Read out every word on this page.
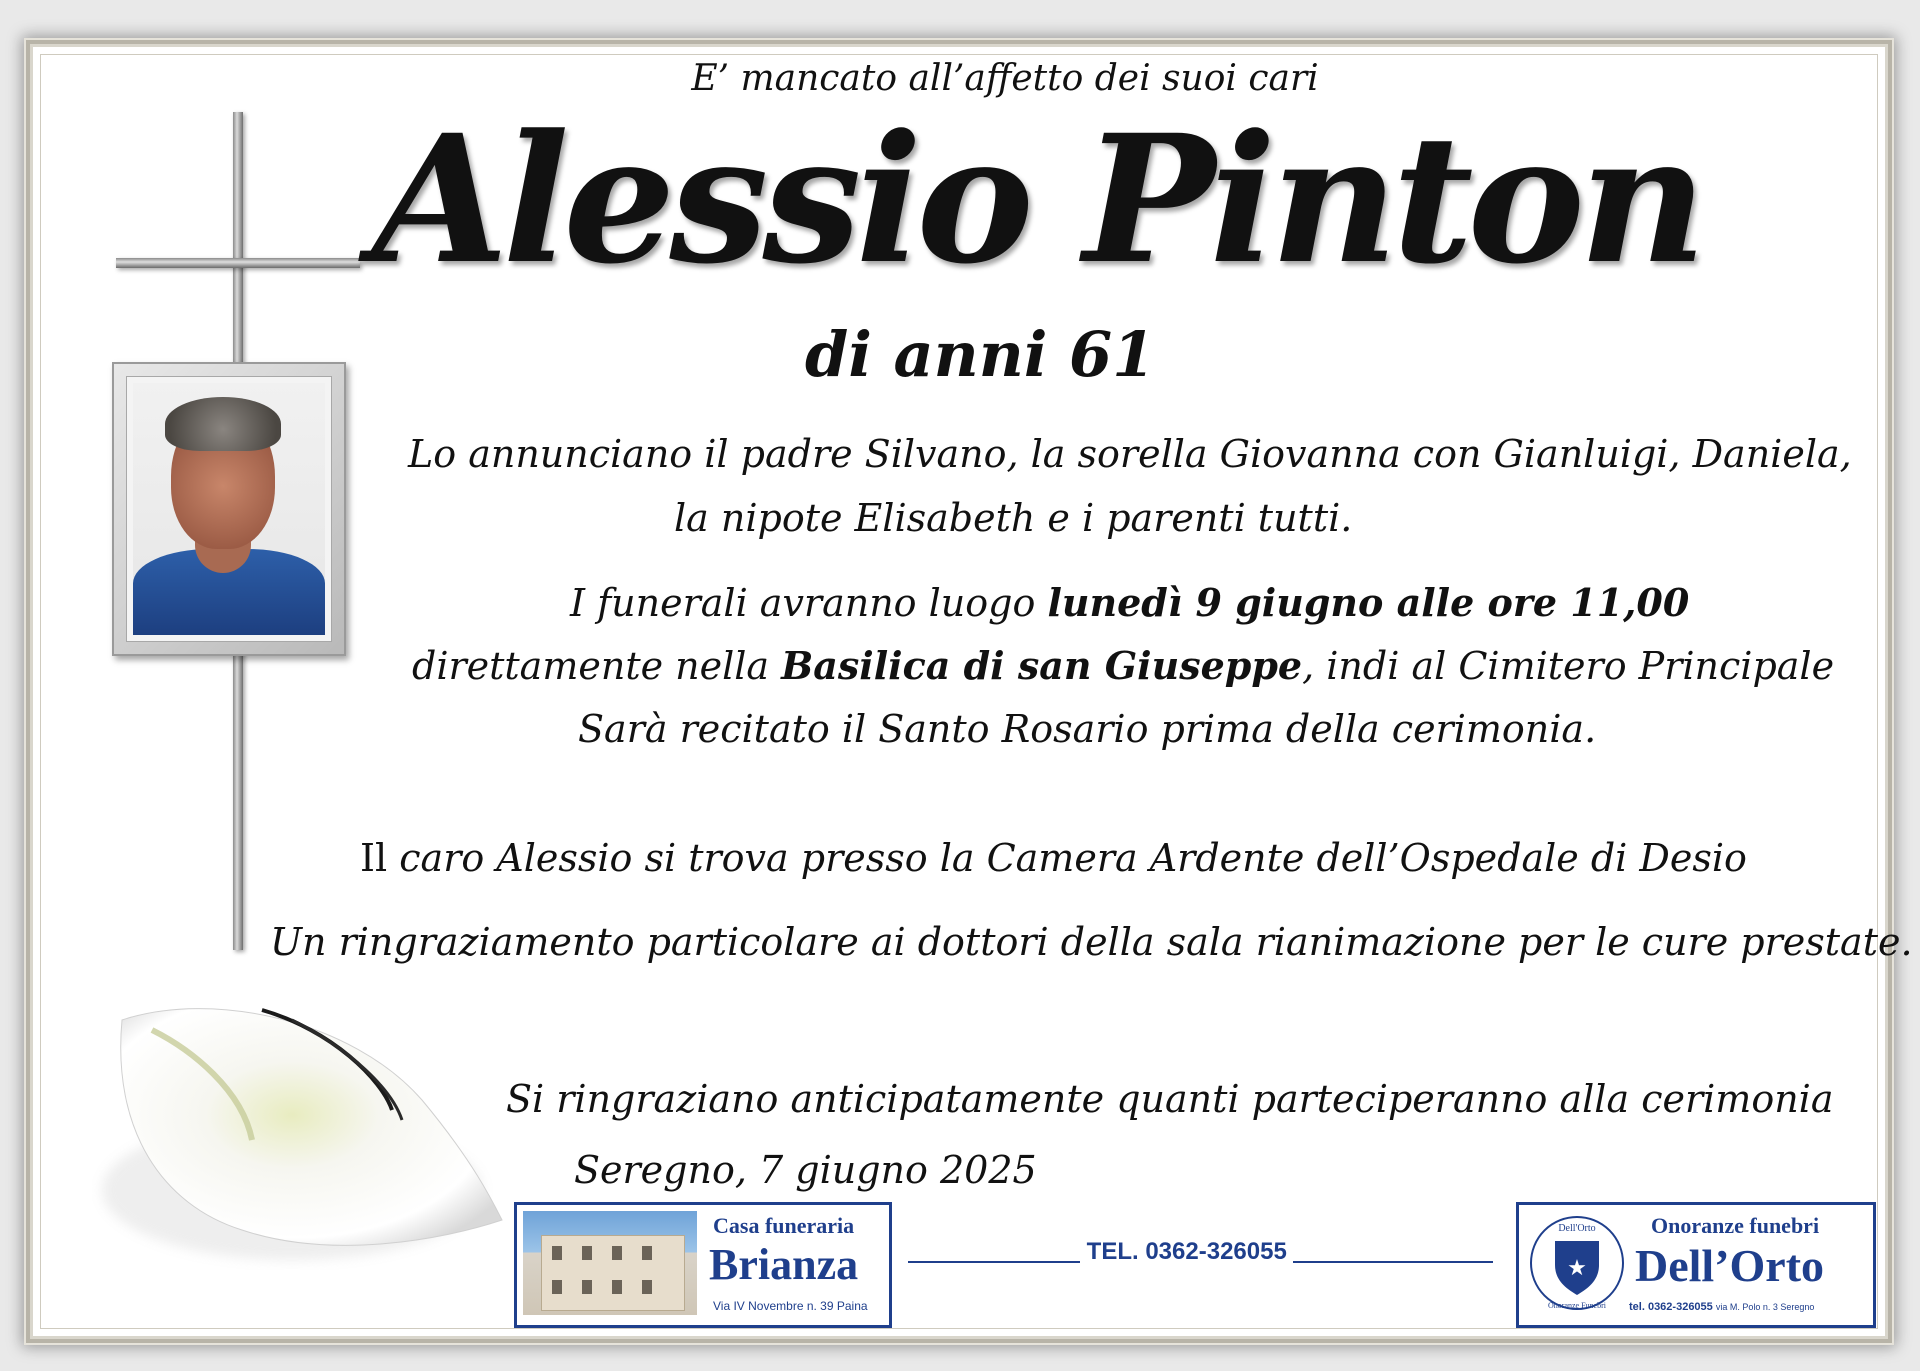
E’ mancato all’affetto dei suoi cari
Alessio Pinton
di anni 61
Lo annunciano il padre Silvano, la sorella Giovanna con Gianluigi, Daniela,
la nipote Elisabeth e i parenti tutti.
I funerali avranno luogo lunedì 9 giugno alle ore 11,00
direttamente nella Basilica di san Giuseppe, indi al Cimitero Principale
Sarà recitato il Santo Rosario prima della cerimonia.
Il caro Alessio si trova presso la Camera Ardente dell’Ospedale di Desio
Un ringraziamento particolare ai dottori della sala rianimazione per le cure prestate.
Si ringraziano anticipatamente quanti parteciperanno alla cerimonia
Seregno, 7 giugno 2025
Casa funeraria
Brianza
Via IV Novembre n. 39 Paina
TEL. 0362-326055
Dell'Orto
★
Onoranze Funebri
Onoranze funebri
Dell’Orto
tel. 0362-326055 via M. Polo n. 3 Seregno
